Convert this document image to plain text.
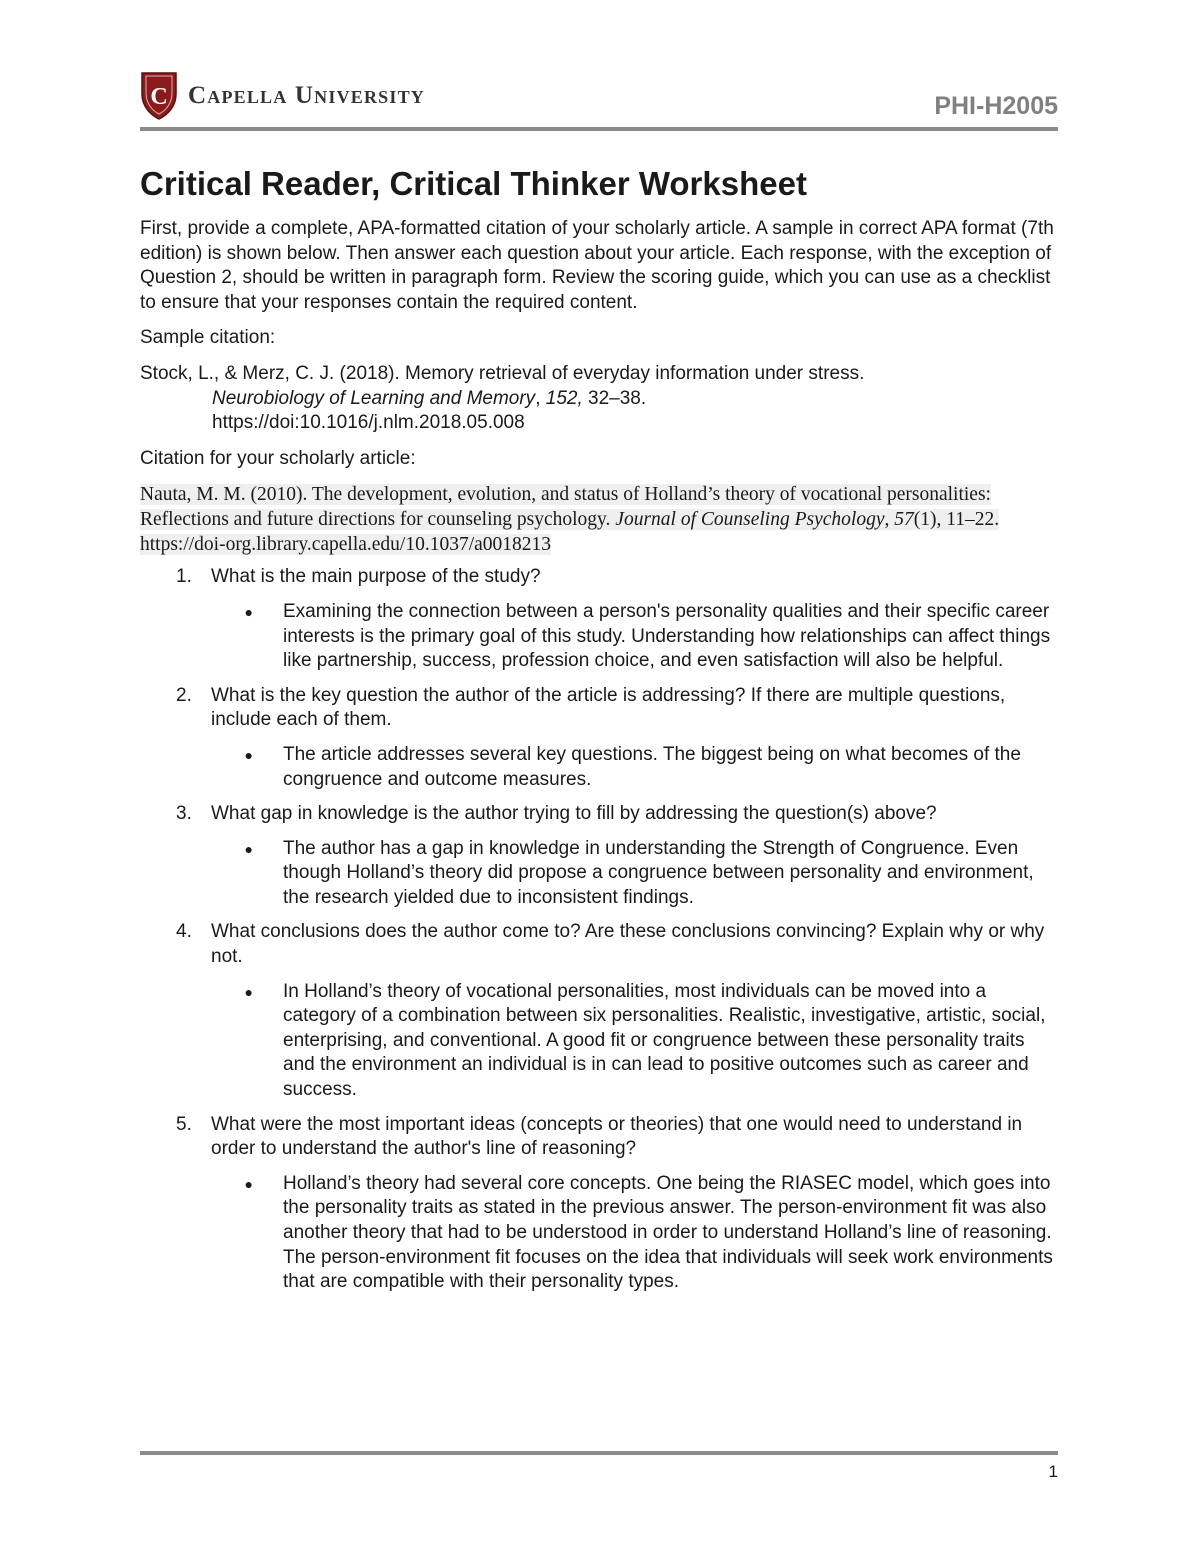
C Capella University	PHI-H2005
Critical Reader, Critical Thinker Worksheet

First, provide a complete, APA-formatted citation of your scholarly article. A sample in correct APA format (7th edition) is shown below. Then answer each question about your article. Each response, with the exception of Question 2, should be written in paragraph form. Review the scoring guide, which you can use as a checklist to ensure that your responses contain the required content.

Sample citation:

Stock, L., & Merz, C. J. (2018). Memory retrieval of everyday information under stress.
Neurobiology of Learning and Memory, 152, 32–38.
https://doi:10.1016/j.nlm.2018.05.008

Citation for your scholarly article:

Nauta, M. M. (2010). The development, evolution, and status of Holland’s theory of vocational personalities: Reflections and future directions for counseling psychology. Journal of Counseling Psychology, 57(1), 11–22. https://doi-org.library.capella.edu/10.1037/a0018213
1.	What is the main purpose of the study?
●	Examining the connection between a person's personality qualities and their specific career interests is the primary goal of this study. Understanding how relationships can affect things like partnership, success, profession choice, and even satisfaction will also be helpful.
2.	What is the key question the author of the article is addressing? If there are multiple questions, include each of them.
●	The article addresses several key questions. The biggest being on what becomes of the congruence and outcome measures.
3.	What gap in knowledge is the author trying to fill by addressing the question(s) above?
●	The author has a gap in knowledge in understanding the Strength of Congruence. Even though Holland’s theory did propose a congruence between personality and environment, the research yielded due to inconsistent findings.
4.	What conclusions does the author come to? Are these conclusions convincing? Explain why or why not.
●	In Holland’s theory of vocational personalities, most individuals can be moved into a category of a combination between six personalities. Realistic, investigative, artistic, social, enterprising, and conventional. A good fit or congruence between these personality traits and the environment an individual is in can lead to positive outcomes such as career and success.
5.	What were the most important ideas (concepts or theories) that one would need to understand in order to understand the author's line of reasoning?
●	Holland’s theory had several core concepts. One being the RIASEC model, which goes into the personality traits as stated in the previous answer. The person-environment fit was also another theory that had to be understood in order to understand Holland’s line of reasoning. The person-environment fit focuses on the idea that individuals will seek work environments that are compatible with their personality types.
1
